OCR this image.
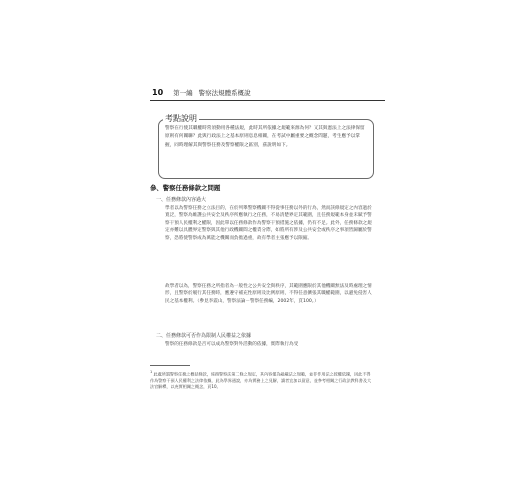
10 第一編 警察法規體系概說
考點說明
警察在行使其職權時常須動用各種法規，此時其所依據之規範來源為何？又其與憲法上之法律保留原則有何關聯？此與行政法上之基本原則息息相關，在考試中屬重要之概念問題，考生應予以掌握，同時理解其與警察任務及警察權限之區別，茲說明如下。
參、警察任務條款之問題
一、任務條款內容過大
學者以為警察任務之立法目的，在於列舉警察機關不得從事任務以外的行為，然而該條規定之內容過於寬泛，警察為維護公共安全及秩序所應執行之任務，不易清楚界定其範圍，且任務規範本身並未賦予警察干預人民權利之權限，因此單以任務條款作為警察干預措施之依據，仍有不足。此外，任務條款之規定亦難以具體界定警察與其他行政機關間之權責分際，如將所有涉及公共安全或秩序之事項皆歸屬於警察，恐將使警察成為萬能之機關而負擔過重，故有學者主張應予以限縮。
故學者以為，警察任務之所指者為一般性之公共安全與秩序，其範圍應限於其他機關無法及時處理之情形，且警察於履行其任務時，應遵守補充性原則及比例原則，不得任意擴張其職權範圍，以避免侵害人民之基本權利。（參見李震山，警察法論－警察任務編，2002年，頁100。）
二、任務條款可否作為限制人民權益之依據
警察的任務條款是否可以成為警察對外活動的依據，實際執行為受
$^1$ 此處所謂警察任務之概括條款，係指警察法第二條之規定，其內容僅為組織法之規範，並非作用法之授權依據，因此不得作為警察干預人民權利之法律依據，此為學界通說，亦為實務上之見解，讀者宜加以留意，並參考相關之行政法教科書及大法官解釋，以充實相關之概念，頁10。
